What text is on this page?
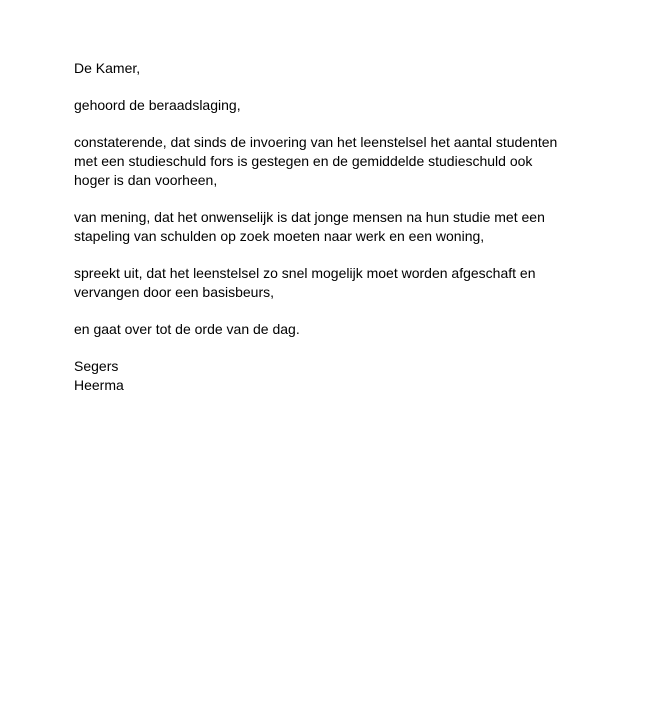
De Kamer,

gehoord de beraadslaging,

constaterende, dat sinds de invoering van het leenstelsel het aantal studenten
met een studieschuld fors is gestegen en de gemiddelde studieschuld ook
hoger is dan voorheen,

van mening, dat het onwenselijk is dat jonge mensen na hun studie met een
stapeling van schulden op zoek moeten naar werk en een woning,

spreekt uit, dat het leenstelsel zo snel mogelijk moet worden afgeschaft en
vervangen door een basisbeurs,

en gaat over tot de orde van de dag.

Segers
Heerma
